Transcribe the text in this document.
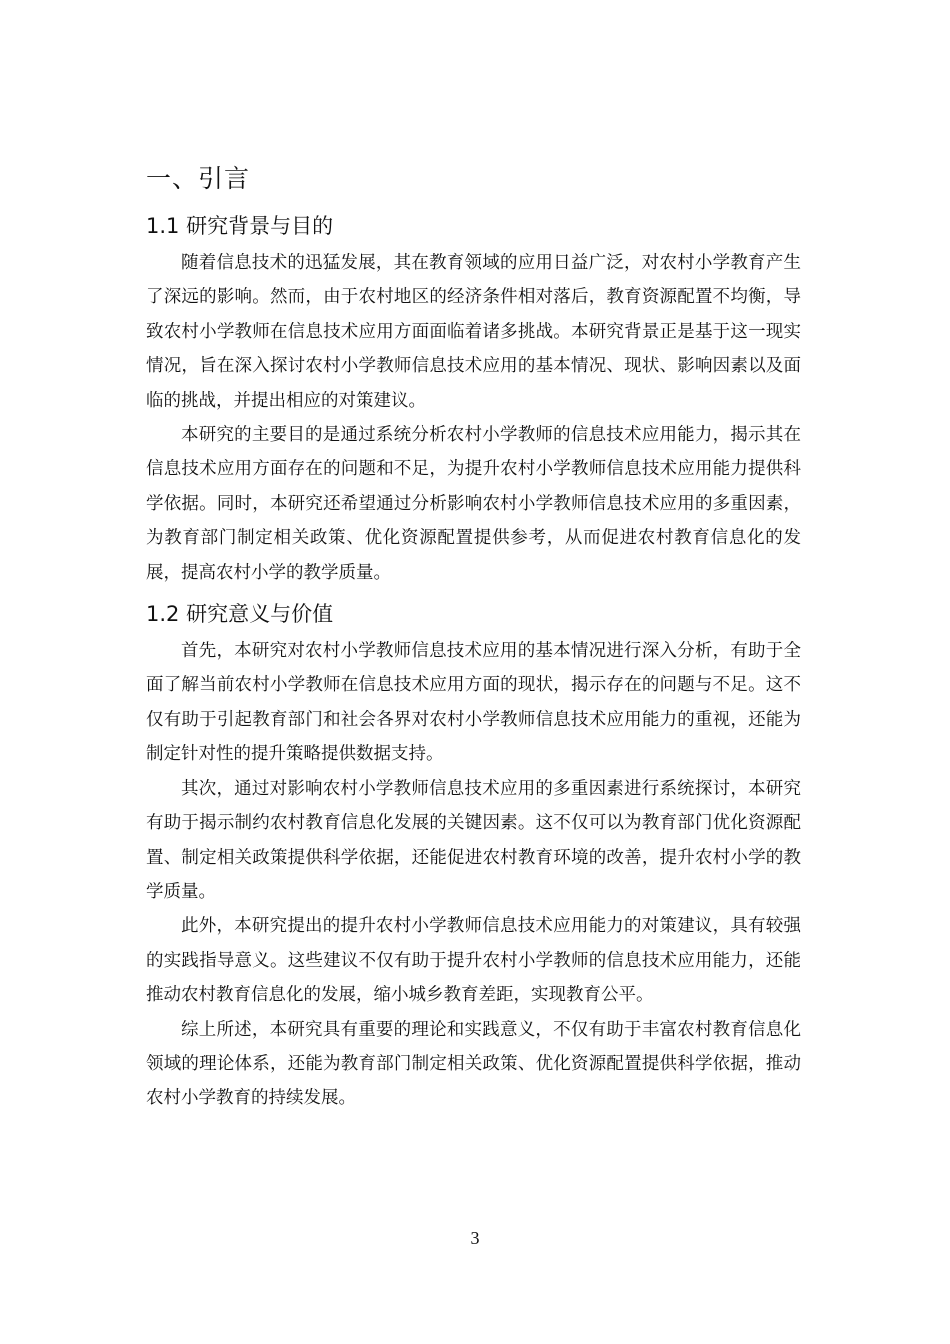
一、引言
1.1 研究背景与目的

随着信息技术的迅猛发展，其在教育领域的应用日益广泛，对农村小学教育产生了深远的影响。然而，由于农村地区的经济条件相对落后，教育资源配置不均衡，导致农村小学教师在信息技术应用方面面临着诸多挑战。本研究背景正是基于这一现实情况，旨在深入探讨农村小学教师信息技术应用的基本情况、现状、影响因素以及面临的挑战，并提出相应的对策建议。

本研究的主要目的是通过系统分析农村小学教师的信息技术应用能力，揭示其在信息技术应用方面存在的问题和不足，为提升农村小学教师信息技术应用能力提供科学依据。同时，本研究还希望通过分析影响农村小学教师信息技术应用的多重因素，为教育部门制定相关政策、优化资源配置提供参考，从而促进农村教育信息化的发展，提高农村小学的教学质量。

1.2 研究意义与价值

首先，本研究对农村小学教师信息技术应用的基本情况进行深入分析，有助于全面了解当前农村小学教师在信息技术应用方面的现状，揭示存在的问题与不足。这不仅有助于引起教育部门和社会各界对农村小学教师信息技术应用能力的重视，还能为制定针对性的提升策略提供数据支持。

其次，通过对影响农村小学教师信息技术应用的多重因素进行系统探讨，本研究有助于揭示制约农村教育信息化发展的关键因素。这不仅可以为教育部门优化资源配置、制定相关政策提供科学依据，还能促进农村教育环境的改善，提升农村小学的教学质量。

此外，本研究提出的提升农村小学教师信息技术应用能力的对策建议，具有较强的实践指导意义。这些建议不仅有助于提升农村小学教师的信息技术应用能力，还能推动农村教育信息化的发展，缩小城乡教育差距，实现教育公平。

综上所述，本研究具有重要的理论和实践意义，不仅有助于丰富农村教育信息化领域的理论体系，还能为教育部门制定相关政策、优化资源配置提供科学依据，推动农村小学教育的持续发展。

3
